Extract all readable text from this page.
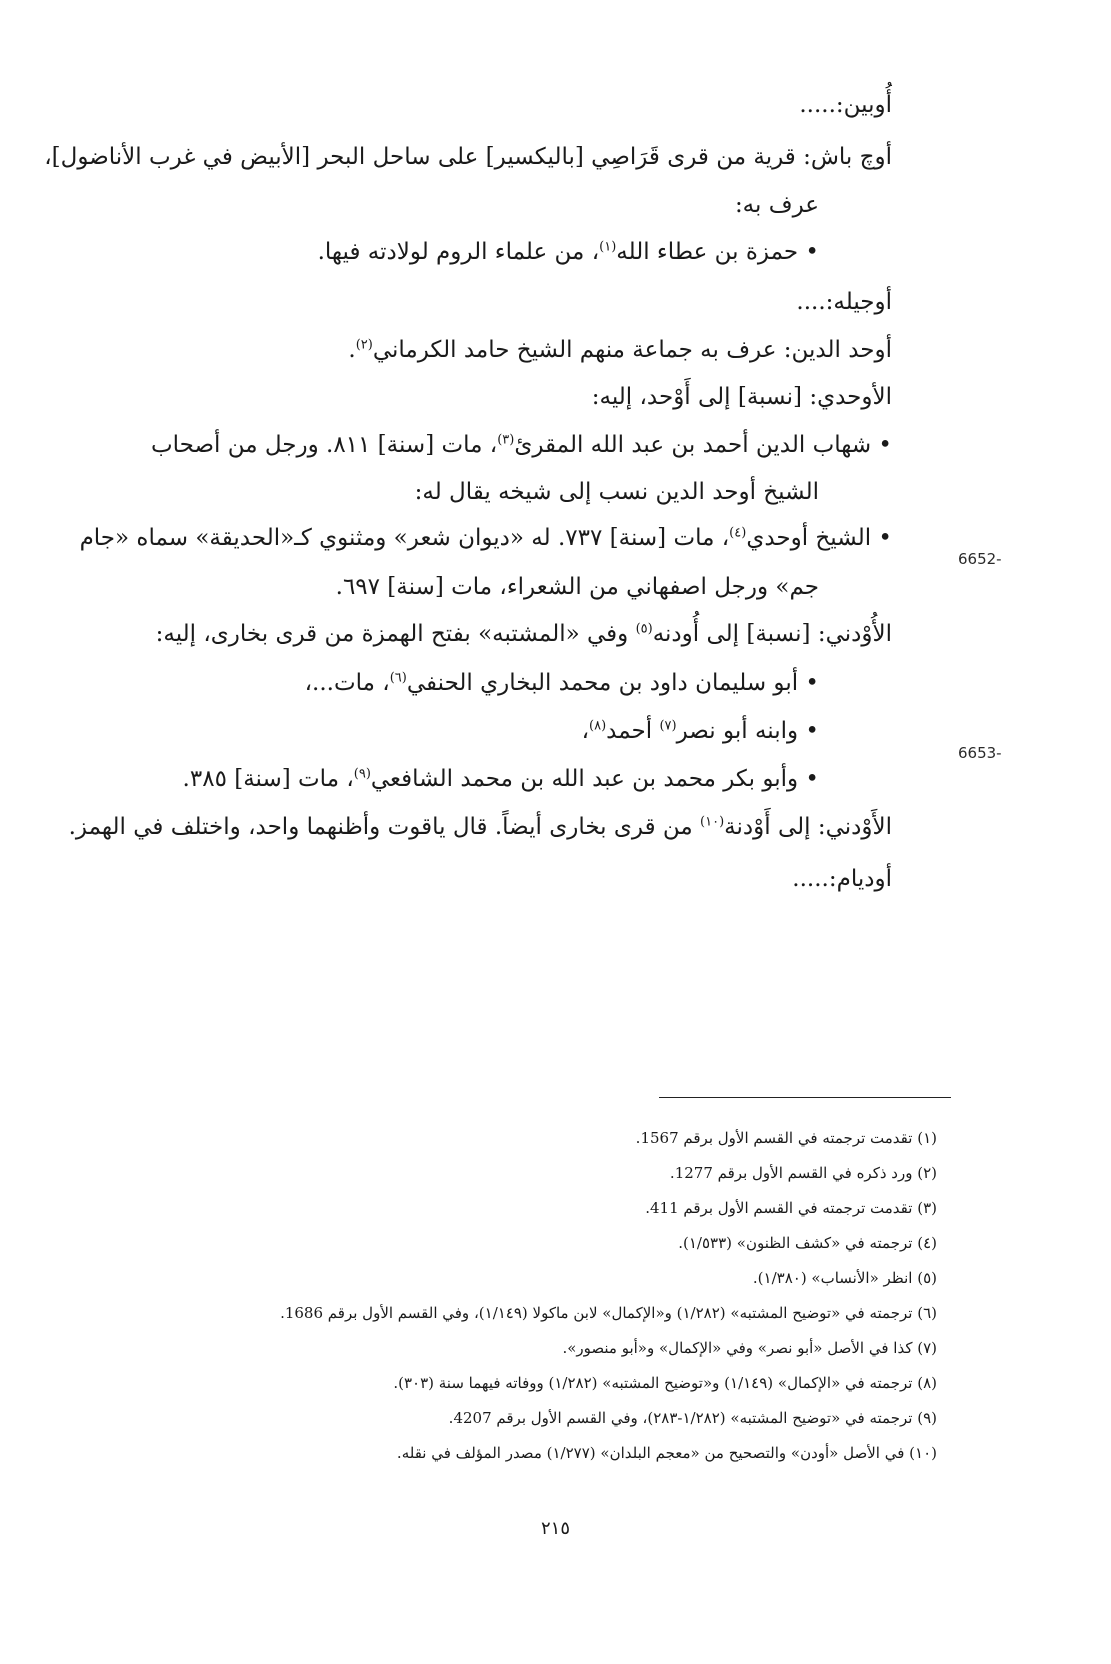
أُوبين:.....
أوچ باش: قرية من قرى قَرَاصِي [باليكسير] على ساحل البحر [الأبيض في غرب الأناضول]،
عرف به:
• حمزة بن عطاء الله$^{(١)}$، من علماء الروم لولادته فيها.
أوجيله:....
أوحد الدين: عرف به جماعة منهم الشيخ حامد الكرماني$^{(٢)}$.
الأوحدي: [نسبة] إلى أَوْحد، إليه:
• شهاب الدين أحمد بن عبد الله المقرئ$^{(٣)}$، مات [سنة] ٨١١. ورجل من أصحاب
الشيخ أوحد الدين نسب إلى شيخه يقال له:
• الشيخ أوحدي$^{(٤)}$، مات [سنة] ٧٣٧. له «ديوان شعر» ومثنوي كـ«الحديقة» سماه «جام
جم» ورجل اصفهاني من الشعراء، مات [سنة] ٦٩٧.
الأُوْدني: [نسبة] إلى أُودنه$^{(٥)}$ وفي «المشتبه» بفتح الهمزة من قرى بخارى، إليه:
• أبو سليمان داود بن محمد البخاري الحنفي$^{(٦)}$، مات...،
• وابنه أبو نصر$^{(٧)}$ أحمد$^{(٨)}$،
• وأبو بكر محمد بن عبد الله بن محمد الشافعي$^{(٩)}$، مات [سنة] ٣٨٥.
الأَوْدني: إلى أَوْدنة$^{(١٠)}$ من قرى بخارى أيضاً. قال ياقوت وأظنهما واحد، واختلف في الهمز.
أوديام:.....
6652-
6653-
(١) تقدمت ترجمته في القسم الأول برقم 1567.
(٢) ورد ذكره في القسم الأول برقم 1277.
(٣) تقدمت ترجمته في القسم الأول برقم 411.
(٤) ترجمته في «كشف الظنون» (١/٥٣٣).
(٥) انظر «الأنساب» (١/٣٨٠).
(٦) ترجمته في «توضيح المشتبه» (١/٢٨٢) و«الإكمال» لابن ماكولا (١/١٤٩)، وفي القسم الأول برقم 1686.
(٧) كذا في الأصل «أبو نصر» وفي «الإكمال» و«أبو منصور».
(٨) ترجمته في «الإكمال» (١/١٤٩) و«توضيح المشتبه» (١/٢٨٢) ووفاته فيهما سنة (٣٠٣).
(٩) ترجمته في «توضيح المشتبه» (١/٢٨٢-٢٨٣)، وفي القسم الأول برقم 4207.
(١٠) في الأصل «أودن» والتصحيح من «معجم البلدان» (١/٢٧٧) مصدر المؤلف في نقله.
٢١٥
